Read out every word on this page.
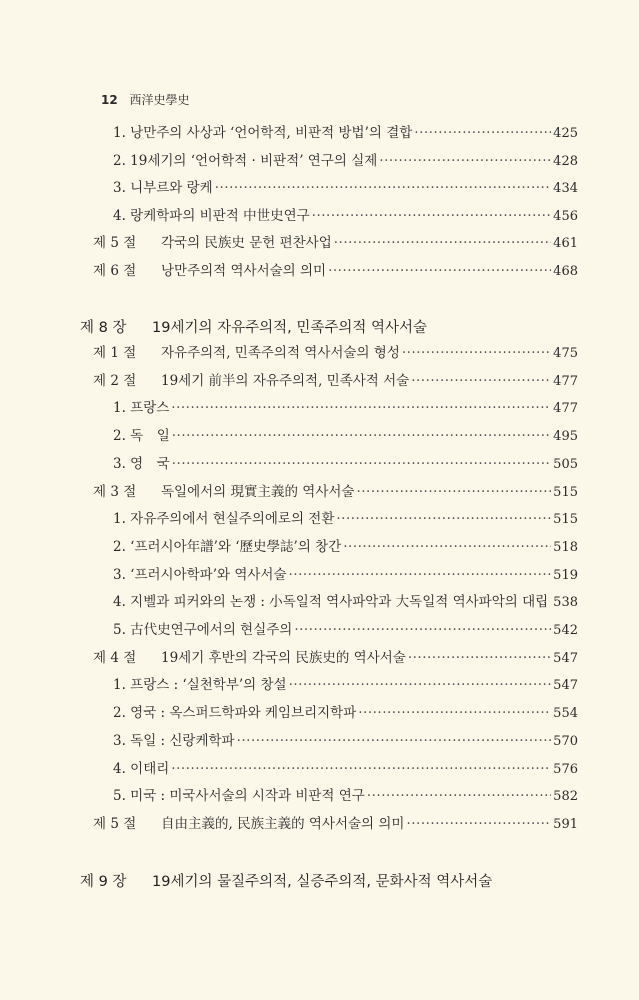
12 西洋史學史
1. 낭만주의 사상과 ‘언어학적, 비판적 방법’의 결합 ·····	425
2. 19세기의 ‘언어학적 · 비판적’ 연구의 실제 ·····	428
3. 니부르와 랑케 ·····	434
4. 랑케학파의 비판적 中世史연구 ·····	456
제 5 절 각국의 民族史 문헌 편찬사업 ·····	461
제 6 절 낭만주의적 역사서술의 의미 ·····	468
제 8 장 19세기의 자유주의적, 민족주의적 역사서술
제 1 절 자유주의적, 민족주의적 역사서술의 형성 ·····	475
제 2 절 19세기 前半의 자유주의적, 민족사적 서술 ·····	477
1. 프랑스 ·····	477
2. 독　일 ·····	495
3. 영　국 ·····	505
제 3 절 독일에서의 現實主義的 역사서술 ·····	515
1. 자유주의에서 현실주의에로의 전환 ·····	515
2. ‘프러시아年譜’와 ‘歷史學誌’의 창간 ·····	518
3. ‘프러시아학파’와 역사서술 ·····	519
4. 지벨과 피커와의 논쟁 : 小독일적 역사파악과 大독일적 역사파악의 대립 ····· 538
5. 古代史연구에서의 현실주의 ·····	542
제 4 절 19세기 후반의 각국의 民族史的 역사서술 ·····	547
1. 프랑스 : ‘실천학부’의 창설 ·····	547
2. 영국 : 옥스퍼드학파와 케임브리지학파 ·····	554
3. 독일 : 신랑케학파 ·····	570
4. 이태리 ·····	576
5. 미국 : 미국사서술의 시작과 비판적 연구 ·····	582
제 5 절 自由主義的, 民族主義的 역사서술의 의미 ·····	591
제 9 장 19세기의 물질주의적, 실증주의적, 문화사적 역사서술
